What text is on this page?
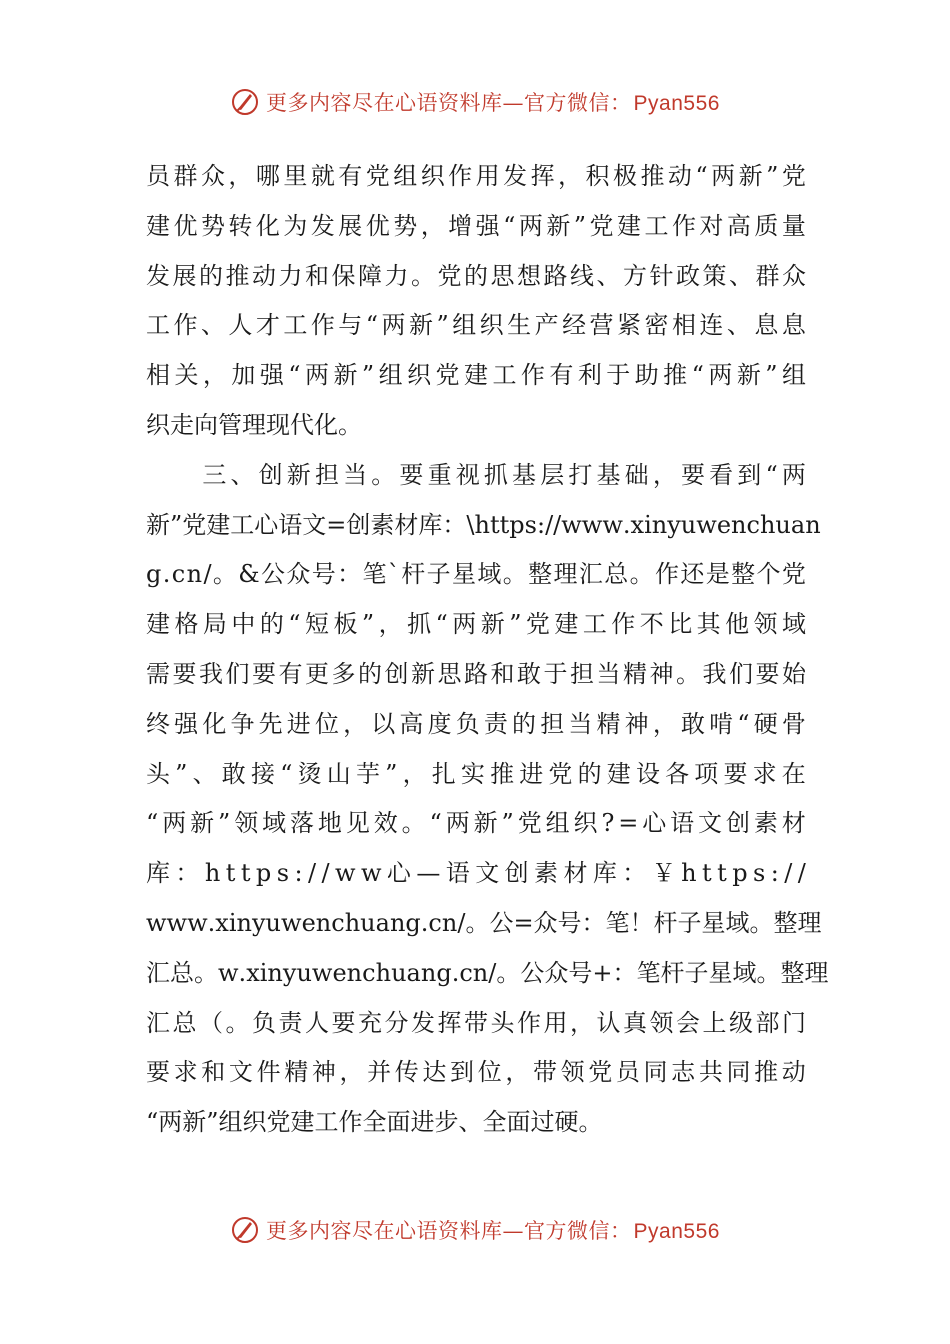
更多内容尽在心语资料库—官方微信：Pyan556
员 群 众 ， 哪 里 就 有 党 组 织 作 用 发 挥 ， 积 极 推 动 “ 两 新 ” 党
建 优 势 转 化 为 发 展 优 势 ， 增 强 “ 两 新 ” 党 建 工 作 对 高 质 量
发 展 的 推 动 力 和 保 障 力 。 党 的 思 想 路 线 、 方 针 政 策 、 群 众
工 作 、 人 才 工 作 与 “ 两 新 ” 组 织 生 产 经 营 紧 密 相 连 、 息 息
相 关 ， 加 强 “ 两 新 ” 组 织 党 建 工 作 有 利 于 助 推 “ 两 新 ” 组
织走向管理现代化。

三 、 创 新 担 当 。 要 重 视 抓 基 层 打 基 础 ， 要 看 到 “ 两
新 ” 党 建 工 心 语 文 = 创 素 材 库 ： \ h t t p s : / / w w w . x i n y u w e n c h u a n
g . c n / 。 & 公 众 号 ： 笔 ` 杆 子 星 域 。 整 理 汇 总 。 作 还 是 整 个 党
建 格 局 中 的 “ 短 板 ” ， 抓 “ 两 新 ” 党 建 工 作 不 比 其 他 领 域
需 要 我 们 要 有 更 多 的 创 新 思 路 和 敢 于 担 当 精 神 。 我 们 要 始
终 强 化 争 先 进 位 ， 以 高 度 负 责 的 担 当 精 神 ， 敢 啃 “ 硬 骨
头 ” 、 敢 接 “ 烫 山 芋 ” ， 扎 实 推 进 党 的 建 设 各 项 要 求 在
“ 两 新 ” 领 域 落 地 见 效 。 “ 两 新 ” 党 组 织 ? = 心 语 文 创 素 材
库 ： h t t p s : / / w w 心 — 语 文 创 素 材 库 ： ￥ h t t p s : / /
w w w . x i n y u w e n c h u a n g . c n / 。 公 = 众 号 ： 笔 ！ 杆 子 星 域 。 整 理
汇 总 。 w . x i n y u w e n c h u a n g . c n / 。 公 众 号 + ： 笔 杆 子 星 域 。 整 理
汇 总 （ 。 负 责 人 要 充 分 发 挥 带 头 作 用 ， 认 真 领 会 上 级 部 门
要 求 和 文 件 精 神 ， 并 传 达 到 位 ， 带 领 党 员 同 志 共 同 推 动
“两新”组织党建工作全面进步、全面过硬。
更多内容尽在心语资料库—官方微信：Pyan556
